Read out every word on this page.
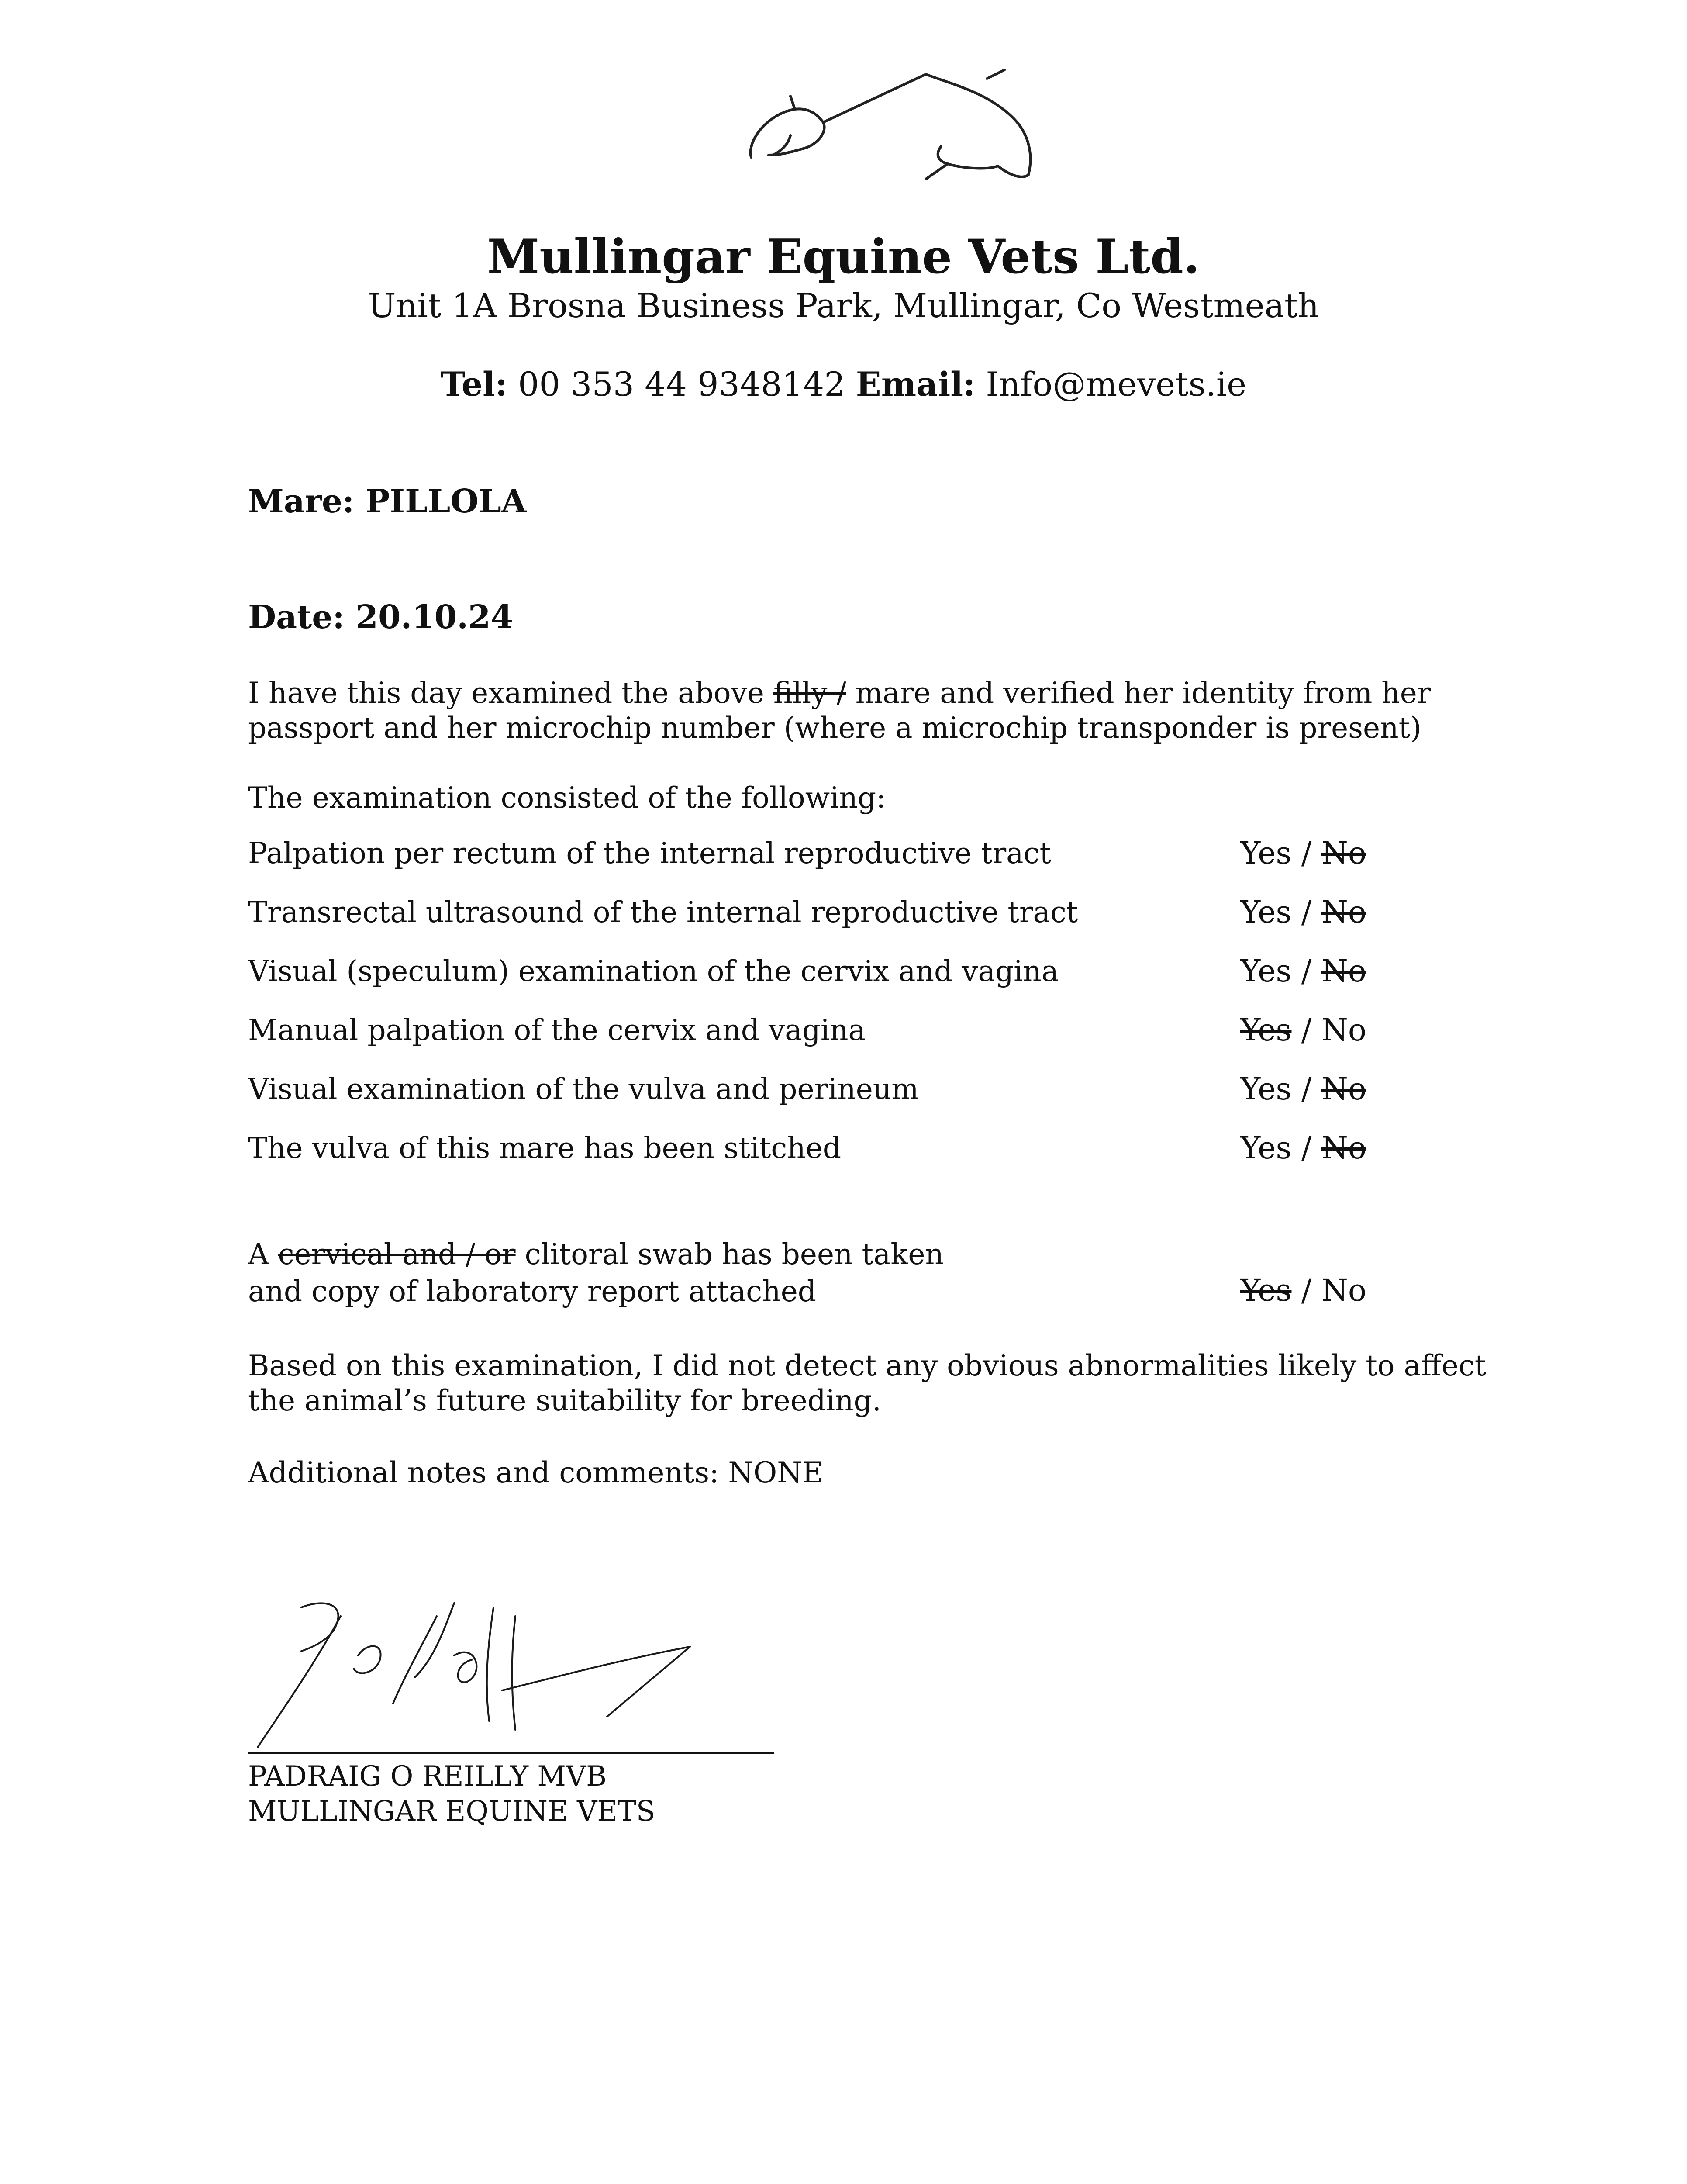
Mullingar Equine Vets Ltd.
Unit 1A Brosna Business Park, Mullingar, Co Westmeath
Tel: 00 353 44 9348142 Email: Info@mevets.ie
Mare: PILLOLA
Date: 20.10.24
I have this day examined the above filly / mare and verified her identity from her
passport and her microchip number (where a microchip transponder is present)
The examination consisted of the following:
Palpation per rectum of the internal reproductive tract	Yes / No
Transrectal ultrasound of the internal reproductive tract	Yes / No
Visual (speculum) examination of the cervix and vagina	Yes / No
Manual palpation of the cervix and vagina	Yes / No
Visual examination of the vulva and perineum	Yes / No
The vulva of this mare has been stitched	Yes / No
A cervical and / or clitoral swab has been taken
and copy of laboratory report attached	Yes / No
Based on this examination, I did not detect any obvious abnormalities likely to affect
the animal’s future suitability for breeding.
Additional notes and comments: NONE
PADRAIG O REILLY MVB
MULLINGAR EQUINE VETS
